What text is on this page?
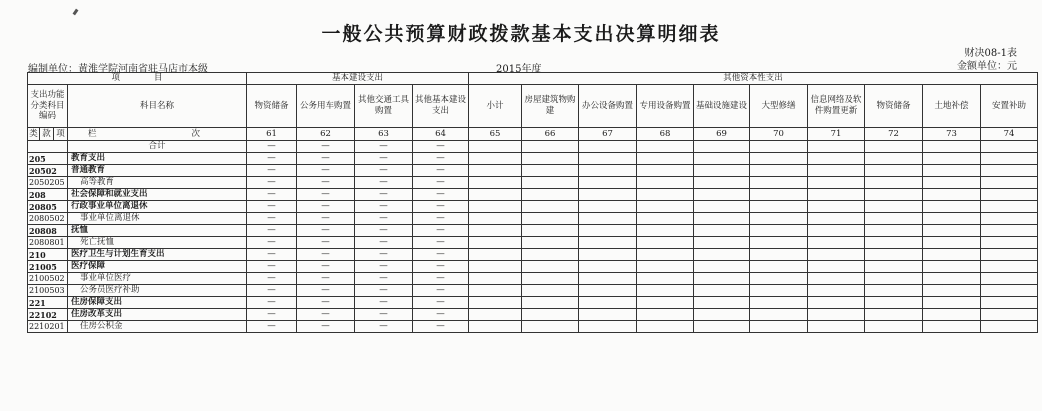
一般公共预算财政拨款基本支出决算明细表
财决08-1表
编制单位：黄淮学院河南省驻马店市本级	2015年度	金额单位：元
项　　　　目				基本建设支出				其他资本性支出									
支出功能分类科目编码			科目名称	物资储备	公务用车购置	其他交通工具购置	其他基本建设支出	小计	房屋建筑物购建	办公设备购置	专用设备购置	基础设施建设	大型修缮	信息网络及软件购置更新	物资储备	土地补偿	安置补助
类	款	项	栏　　次	61	62	63	64	65	66	67	68	69	70	71	72	73	74
			合计	—	—	—	—										
205			教育支出	—	—	—	—										
20502			普通教育	—	—	—	—										
2050205			高等教育	—	—	—	—										
208			社会保障和就业支出	—	—	—	—										
20805			行政事业单位离退休	—	—	—	—										
2080502			事业单位离退休	—	—	—	—										
20808			抚恤	—	—	—	—										
2080801			死亡抚恤	—	—	—	—										
210			医疗卫生与计划生育支出	—	—	—	—										
21005			医疗保障	—	—	—	—										
2100502			事业单位医疗	—	—	—	—										
2100503			公务员医疗补助	—	—	—	—										
221			住房保障支出	—	—	—	—										
22102			住房改革支出	—	—	—	—										
2210201			住房公积金	—	—	—	—										
